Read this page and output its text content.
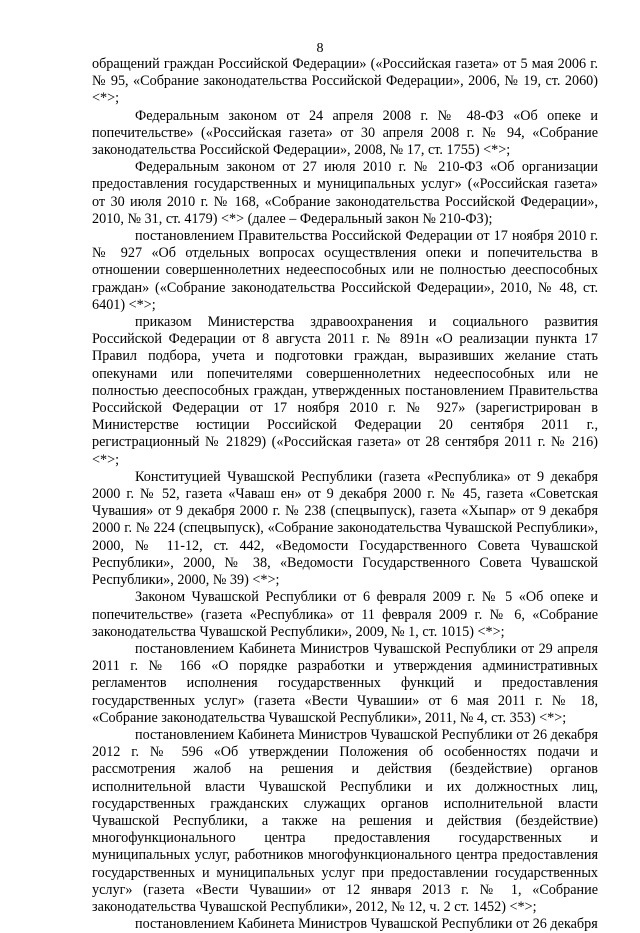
8

обращений граждан Российской Федерации» («Российская газета» от 5 мая 2006 г. № 95, «Собрание законодательства Российской Федерации», 2006, № 19, ст. 2060) <*>;

Федеральным законом от 24 апреля 2008 г. № 48-ФЗ «Об опеке и попечительстве» («Российская газета» от 30 апреля 2008 г. № 94, «Собрание законодательства Российской Федерации», 2008, № 17, ст. 1755) <*>;

Федеральным законом от 27 июля 2010 г. № 210-ФЗ «Об организации предоставления государственных и муниципальных услуг» («Российская газета» от 30 июля 2010 г. № 168, «Собрание законодательства Российской Федерации», 2010, № 31, ст. 4179) <*> (далее – Федеральный закон № 210-ФЗ);

постановлением Правительства Российской Федерации от 17 ноября 2010 г. № 927 «Об отдельных вопросах осуществления опеки и попечительства в отношении совершеннолетних недееспособных или не полностью дееспособных граждан» («Собрание законодательства Российской Федерации», 2010, № 48, ст. 6401) <*>;

приказом Министерства здравоохранения и социального развития Российской Федерации от 8 августа 2011 г. № 891н «О реализации пункта 17 Правил подбора, учета и подготовки граждан, выразивших желание стать опекунами или попечителями совершеннолетних недееспособных или не полностью дееспособных граждан, утвержденных постановлением Правительства Российской Федерации от 17 ноября 2010 г. № 927» (зарегистрирован в Министерстве юстиции Российской Федерации 20 сентября 2011 г., регистрационный № 21829) («Российская газета» от 28 сентября 2011 г. № 216) <*>;

Конституцией Чувашской Республики (газета «Республика» от 9 декабря 2000 г. № 52, газета «Чаваш ен» от 9 декабря 2000 г. № 45, газета «Советская Чувашия» от 9 декабря 2000 г. № 238 (спецвыпуск), газета «Хыпар» от 9 декабря 2000 г. № 224 (спецвыпуск), «Собрание законодательства Чувашской Республики», 2000, № 11-12, ст. 442, «Ведомости Государственного Совета Чувашской Республики», 2000, № 38, «Ведомости Государственного Совета Чувашской Республики», 2000, № 39) <*>;

Законом Чувашской Республики от 6 февраля 2009 г. № 5 «Об опеке и попечительстве» (газета «Республика» от 11 февраля 2009 г. № 6, «Собрание законодательства Чувашской Республики», 2009, № 1, ст. 1015) <*>;

постановлением Кабинета Министров Чувашской Республики от 29 апреля 2011 г. № 166 «О порядке разработки и утверждения административных регламентов исполнения государственных функций и предоставления государственных услуг» (газета «Вести Чувашии» от 6 мая 2011 г. № 18, «Собрание законодательства Чувашской Республики», 2011, № 4, ст. 353) <*>;

постановлением Кабинета Министров Чувашской Республики от 26 декабря 2012 г. № 596 «Об утверждении Положения об особенностях подачи и рассмотрения жалоб на решения и действия (бездействие) органов исполнительной власти Чувашской Республики и их должностных лиц, государственных гражданских служащих органов исполнительной власти Чувашской Республики, а также на решения и действия (бездействие) многофункционального центра предоставления государственных и муниципальных услуг, работников многофункционального центра предоставления государственных и муниципальных услуг при предоставлении государственных услуг» (газета «Вести Чувашии» от 12 января 2013 г. № 1, «Собрание законодательства Чувашской Республики», 2012, № 12, ч. 2 ст. 1452) <*>;

постановлением Кабинета Министров Чувашской Республики от 26 декабря
